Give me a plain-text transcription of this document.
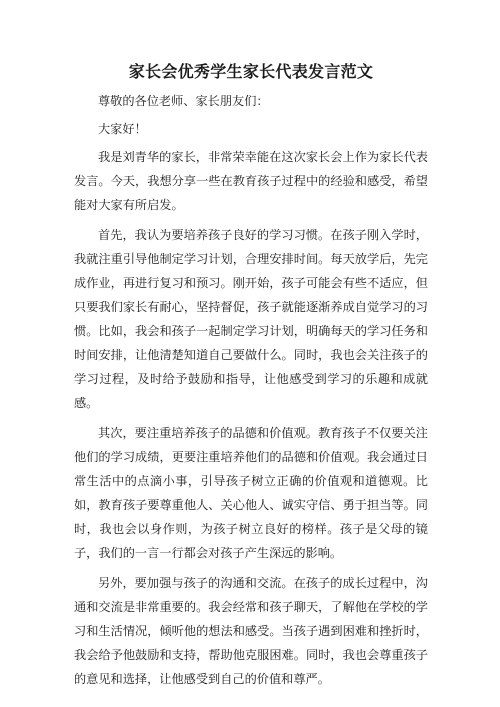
家长会优秀学生家长代表发言范文

尊敬的各位老师、家长朋友们：

大家好！

我是刘青华的家长，非常荣幸能在这次家长会上作为家长代表发言。今天，我想分享一些在教育孩子过程中的经验和感受，希望能对大家有所启发。

首先，我认为要培养孩子良好的学习习惯。在孩子刚入学时，我就注重引导他制定学习计划，合理安排时间。每天放学后，先完成作业，再进行复习和预习。刚开始，孩子可能会有些不适应，但只要我们家长有耐心，坚持督促，孩子就能逐渐养成自觉学习的习惯。比如，我会和孩子一起制定学习计划，明确每天的学习任务和时间安排，让他清楚知道自己要做什么。同时，我也会关注孩子的学习过程，及时给予鼓励和指导，让他感受到学习的乐趣和成就感。

其次，要注重培养孩子的品德和价值观。教育孩子不仅要关注他们的学习成绩，更要注重培养他们的品德和价值观。我会通过日常生活中的点滴小事，引导孩子树立正确的价值观和道德观。比如，教育孩子要尊重他人、关心他人、诚实守信、勇于担当等。同时，我也会以身作则，为孩子树立良好的榜样。孩子是父母的镜子，我们的一言一行都会对孩子产生深远的影响。

另外，要加强与孩子的沟通和交流。在孩子的成长过程中，沟通和交流是非常重要的。我会经常和孩子聊天，了解他在学校的学习和生活情况，倾听他的想法和感受。当孩子遇到困难和挫折时，我会给予他鼓励和支持，帮助他克服困难。同时，我也会尊重孩子的意见和选择，让他感受到自己的价值和尊严。
